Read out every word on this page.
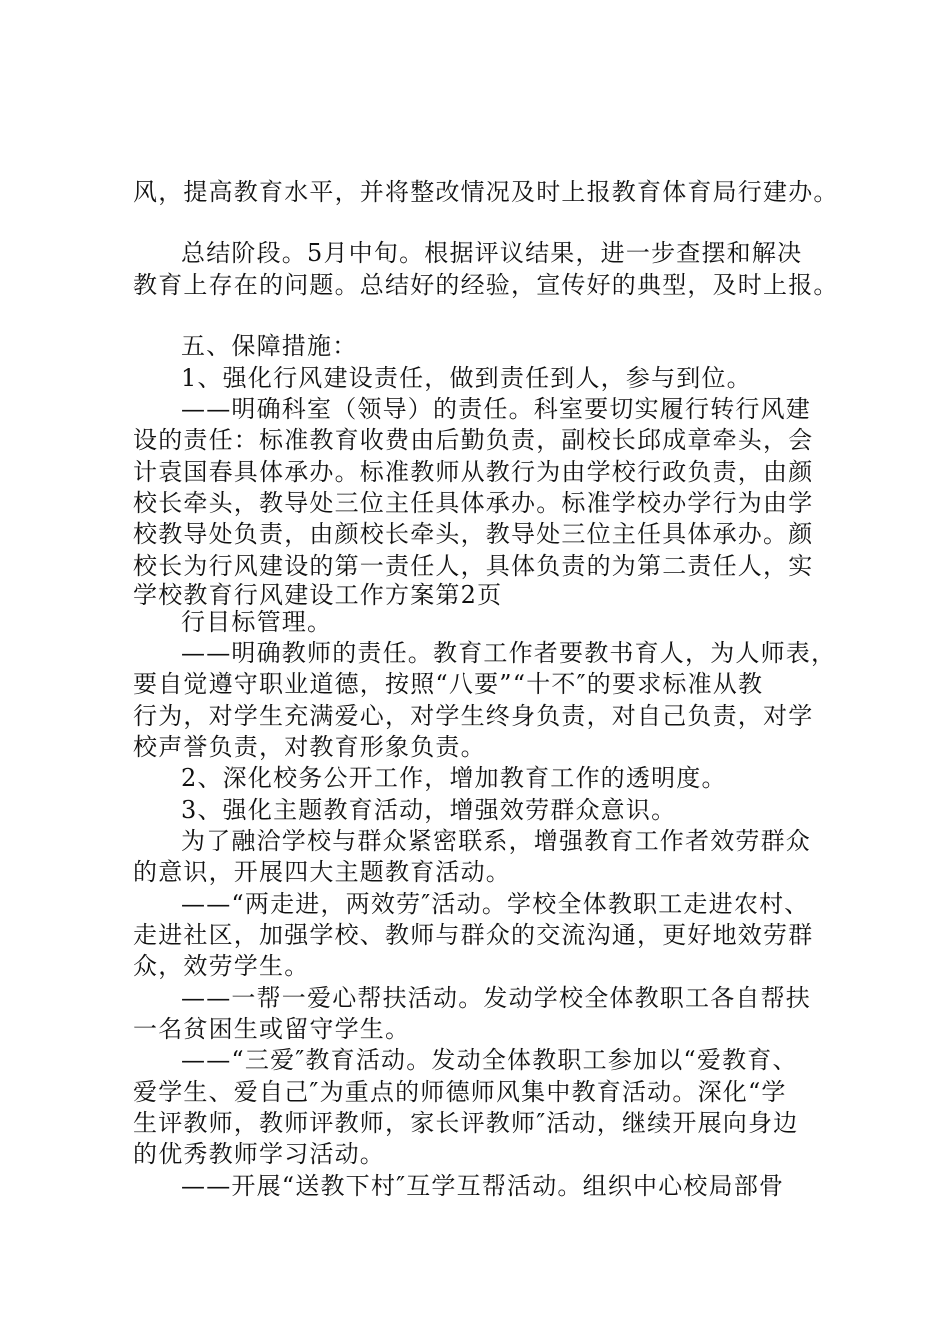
风，提高教育水平，并将整改情况及时上报教育体育局行建办。
总结阶段。5月中旬。根据评议结果，进一步查摆和解决
教育上存在的问题。总结好的经验，宣传好的典型，及时上报。
五、保障措施：
1、强化行风建设责任，做到责任到人，参与到位。
——明确科室（领导）的责任。科室要切实履行转行风建
设的责任：标准教育收费由后勤负责，副校长邱成章牵头，会
计袁国春具体承办。标准教师从教行为由学校行政负责，由颜
校长牵头，教导处三位主任具体承办。标准学校办学行为由学
校教导处负责，由颜校长牵头，教导处三位主任具体承办。颜
校长为行风建设的第一责任人，具体负责的为第二责任人，实
学校教育行风建设工作方案第2页
行目标管理。
——明确教师的责任。教育工作者要教书育人，为人师表，
要自觉遵守职业道德，按照“八要”“十不″的要求标准从教
行为，对学生充满爱心，对学生终身负责，对自己负责，对学
校声誉负责，对教育形象负责。
2、深化校务公开工作，增加教育工作的透明度。
3、强化主题教育活动，增强效劳群众意识。
为了融洽学校与群众紧密联系，增强教育工作者效劳群众
的意识，开展四大主题教育活动。
——“两走进，两效劳″活动。学校全体教职工走进农村、
走进社区，加强学校、教师与群众的交流沟通，更好地效劳群
众，效劳学生。
——一帮一爱心帮扶活动。发动学校全体教职工各自帮扶
一名贫困生或留守学生。
——“三爱″教育活动。发动全体教职工参加以“爱教育、
爱学生、爱自己″为重点的师德师风集中教育活动。深化“学
生评教师，教师评教师，家长评教师″活动，继续开展向身边
的优秀教师学习活动。
——开展“送教下村″互学互帮活动。组织中心校局部骨
